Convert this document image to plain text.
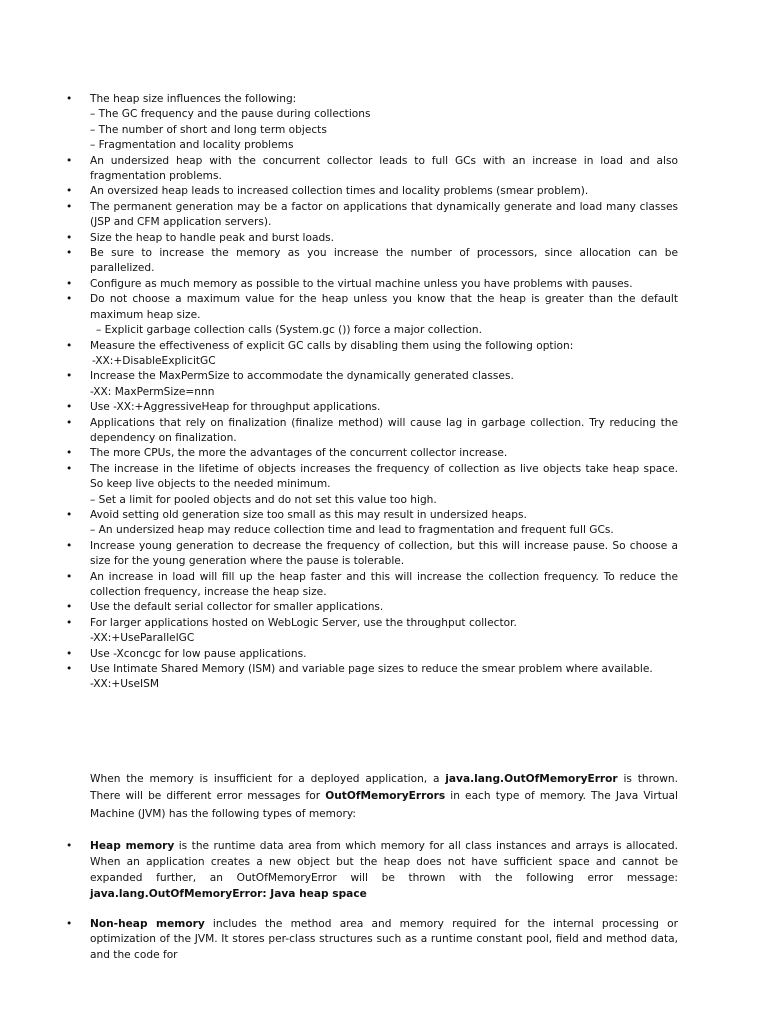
• The heap size influences the following:
– The GC frequency and the pause during collections
– The number of short and long term objects
– Fragmentation and locality problems
• An undersized heap with the concurrent collector leads to full GCs with an increase in load and also fragmentation problems.
• An oversized heap leads to increased collection times and locality problems (smear problem).
• The permanent generation may be a factor on applications that dynamically generate and load many classes (JSP and CFM application servers).
• Size the heap to handle peak and burst loads.
• Be sure to increase the memory as you increase the number of processors, since allocation can be parallelized.
• Configure as much memory as possible to the virtual machine unless you have problems with pauses.
• Do not choose a maximum value for the heap unless you know that the heap is greater than the default maximum heap size.
– Explicit garbage collection calls (System.gc ()) force a major collection.
• Measure the effectiveness of explicit GC calls by disabling them using the following option:
-XX:+DisableExplicitGC
• Increase the MaxPermSize to accommodate the dynamically generated classes.
-XX: MaxPermSize=nnn
• Use -XX:+AggressiveHeap for throughput applications.
• Applications that rely on finalization (finalize method) will cause lag in garbage collection. Try reducing the dependency on finalization.
• The more CPUs, the more the advantages of the concurrent collector increase.
• The increase in the lifetime of objects increases the frequency of collection as live objects take heap space. So keep live objects to the needed minimum.
– Set a limit for pooled objects and do not set this value too high.
• Avoid setting old generation size too small as this may result in undersized heaps.
– An undersized heap may reduce collection time and lead to fragmentation and frequent full GCs.
• Increase young generation to decrease the frequency of collection, but this will increase pause. So choose a size for the young generation where the pause is tolerable.
• An increase in load will fill up the heap faster and this will increase the collection frequency. To reduce the collection frequency, increase the heap size.
• Use the default serial collector for smaller applications.
• For larger applications hosted on WebLogic Server, use the throughput collector.
-XX:+UseParallelGC
• Use -Xconcgc for low pause applications.
• Use Intimate Shared Memory (ISM) and variable page sizes to reduce the smear problem where available.
-XX:+UseISM

When the memory is insufficient for a deployed application, a java.lang.OutOfMemoryError is thrown. There will be different error messages for OutOfMemoryErrors in each type of memory. The Java Virtual Machine (JVM) has the following types of memory:

• Heap memory is the runtime data area from which memory for all class instances and arrays is allocated. When an application creates a new object but the heap does not have sufficient space and cannot be expanded further, an OutOfMemoryError will be thrown with the following error message: java.lang.OutOfMemoryError: Java heap space
• Non-heap memory includes the method area and memory required for the internal processing or optimization of the JVM. It stores per-class structures such as a runtime constant pool, field and method data, and the code for
